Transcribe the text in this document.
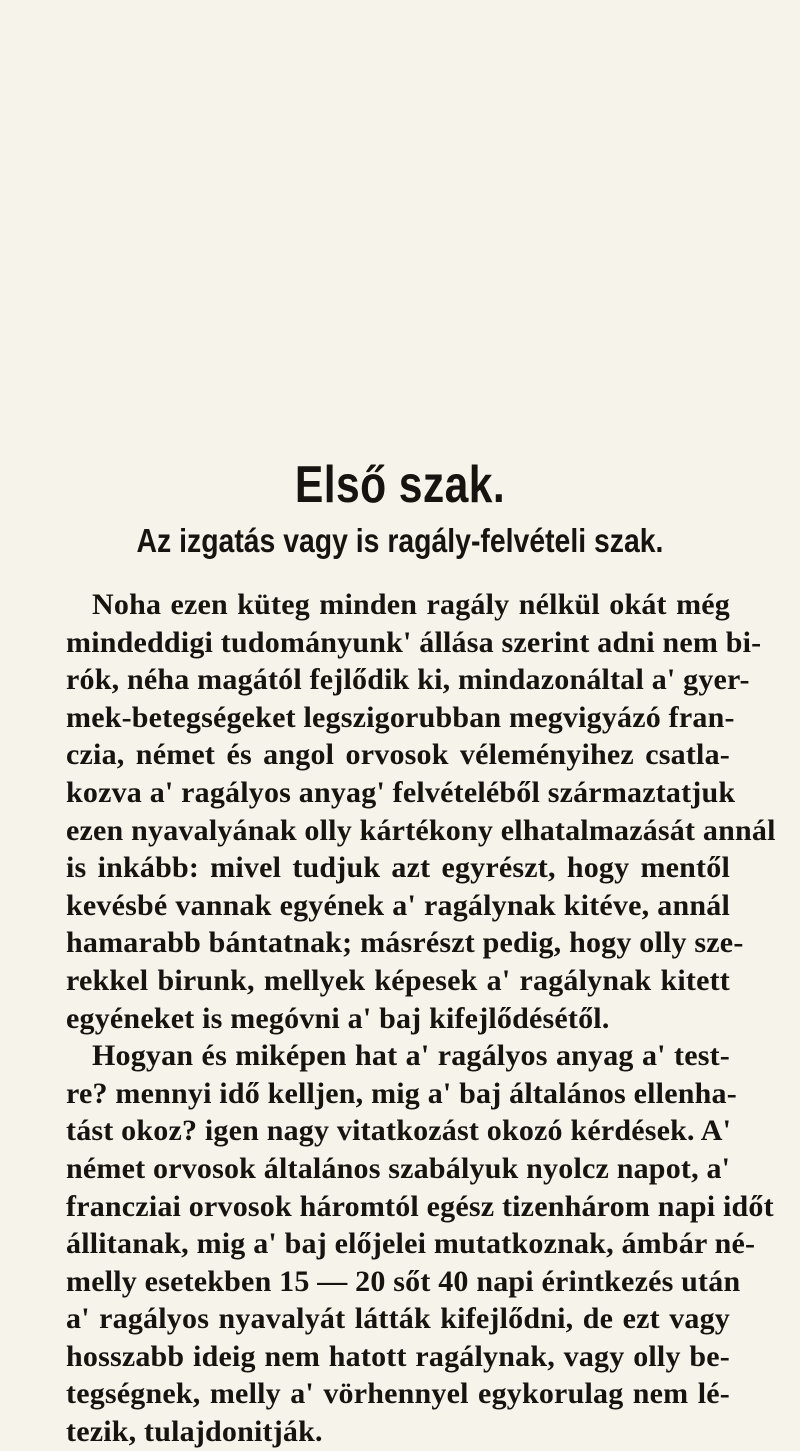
Első szak.
Az izgatás vagy is ragály-felvételi szak.
Noha ezen küteg minden ragály nélkül okát még
mindeddigi tudományunk' állása szerint adni nem bi-
rók, néha magától fejlődik ki, mindazonáltal a' gyer-
mek-betegségeket legszigorubban megvigyázó fran-
czia, német és angol orvosok véleményihez csatla-
kozva a' ragályos anyag' felvételéből származtatjuk
ezen nyavalyának olly kártékony elhatalmazását annál
is inkább: mivel tudjuk azt egyrészt, hogy mentől
kevésbé vannak egyének a' ragálynak kitéve, annál
hamarabb bántatnak; másrészt pedig, hogy olly sze-
rekkel birunk, mellyek képesek a' ragálynak kitett
egyéneket is megóvni a' baj kifejlődésétől.
Hogyan és miképen hat a' ragályos anyag a' test-
re? mennyi idő kelljen, mig a' baj általános ellenha-
tást okoz? igen nagy vitatkozást okozó kérdések. A'
német orvosok általános szabályuk nyolcz napot, a'
francziai orvosok háromtól egész tizenhárom napi időt
állitanak, mig a' baj előjelei mutatkoznak, ámbár né-
melly esetekben 15 — 20 sőt 40 napi érintkezés után
a' ragályos nyavalyát látták kifejlődni, de ezt vagy
hosszabb ideig nem hatott ragálynak, vagy olly be-
tegségnek, melly a' vörhennyel egykorulag nem lé-
tezik, tulajdonitják.
